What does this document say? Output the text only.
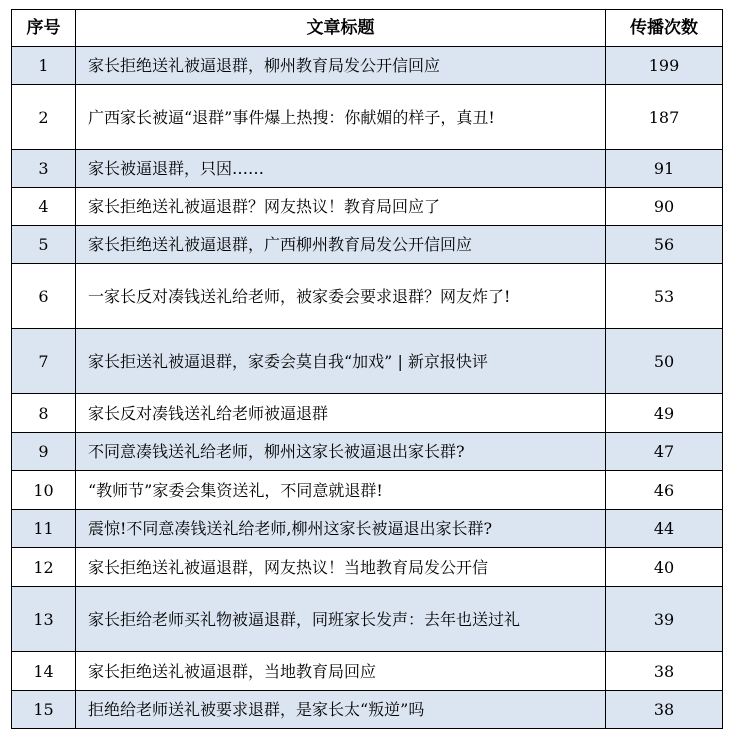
序号	文章标题	传播次数
1	家长拒绝送礼被逼退群，柳州教育局发公开信回应	199
2	广西家长被逼“退群”事件爆上热搜：你献媚的样子，真丑!	187
3	家长被逼退群，只因……	91
4	家长拒绝送礼被逼退群？网友热议！教育局回应了	90
5	家长拒绝送礼被逼退群，广西柳州教育局发公开信回应	56
6	一家长反对凑钱送礼给老师，被家委会要求退群？网友炸了!	53
7	家长拒送礼被逼退群，家委会莫自我“加戏” | 新京报快评	50
8	家长反对凑钱送礼给老师被逼退群	49
9	不同意凑钱送礼给老师，柳州这家长被逼退出家长群?	47
10	“教师节”家委会集资送礼，不同意就退群!	46
11	震惊!不同意凑钱送礼给老师,柳州这家长被逼退出家长群?	44
12	家长拒绝送礼被逼退群，网友热议！当地教育局发公开信	40
13	家长拒给老师买礼物被逼退群，同班家长发声：去年也送过礼	39
14	家长拒绝送礼被逼退群，当地教育局回应	38
15	拒绝给老师送礼被要求退群，是家长太“叛逆”吗	38
